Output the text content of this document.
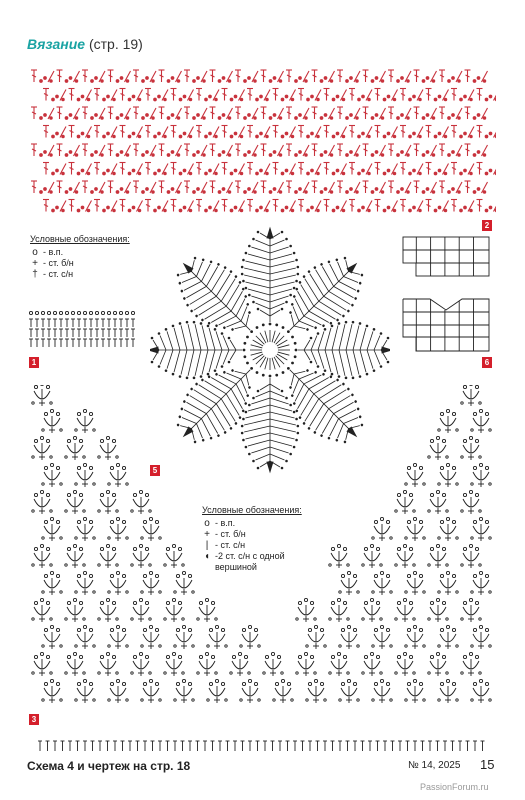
Вязание (стр. 19)
2
Условные обозначения:
o - в.п.
+ - ст. б/н
† - ст. с/н
1
5
6
Условные обозначения:
o - в.п.
+ - ст. б/н
| - ст. с/н
◖ -2 ст. с/н с одной вершиной
3
Схема 4 и чертеж на стр. 18	№ 14, 2025 15
PassionForum.ru
